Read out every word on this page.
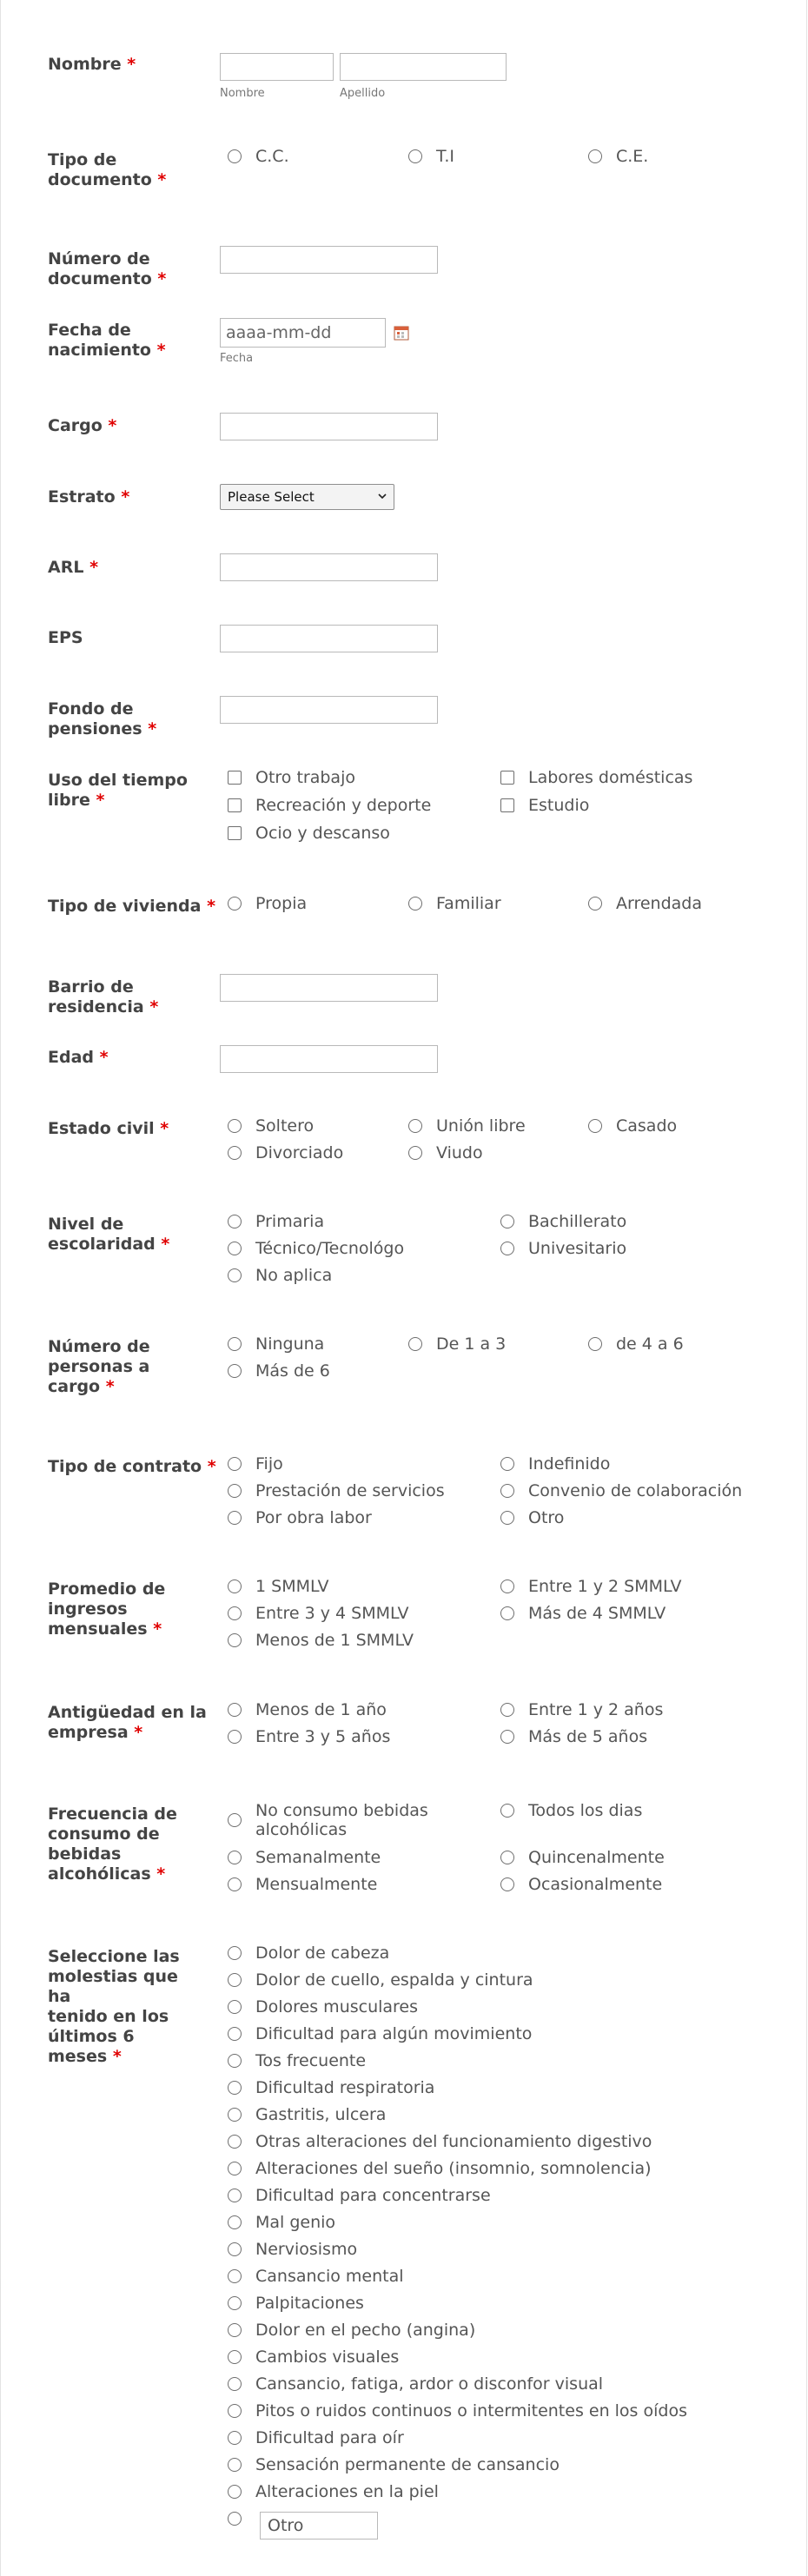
Nombre *
Nombre	Apellido
Tipo de
documento *
C.C.	T.I	C.E.
Número de
documento *
Fecha de
nacimiento *
aaaa-mm-dd
Fecha
Cargo *
Estrato *	Please Select
ARL *
EPS
Fondo de
pensiones *
Uso del tiempo
libre *
Otro trabajo	Labores domésticas
Recreación y deporte	Estudio
Ocio y descanso
Tipo de vivienda *	Propia	Familiar	Arrendada
Barrio de
residencia *
Edad *
Estado civil *	Soltero	Unión libre	Casado
Divorciado	Viudo
Nivel de
escolaridad *
Primaria	Bachillerato
Técnico/Tecnológo	Univesitario
No aplica
Número de
personas a
cargo *
Ninguna	De 1 a 3	de 4 a 6
Más de 6
Tipo de contrato *	Fijo	Indefinido
Prestación de servicios	Convenio de colaboración
Por obra labor	Otro
Promedio de
ingresos
mensuales *
1 SMMLV	Entre 1 y 2 SMMLV
Entre 3 y 4 SMMLV	Más de 4 SMMLV
Menos de 1 SMMLV
Antigüedad en la
empresa *
Menos de 1 año	Entre 1 y 2 años
Entre 3 y 5 años	Más de 5 años
Frecuencia de
consumo de
bebidas
alcohólicas *
No consumo bebidas
alcohólicas
Todos los dias
Semanalmente	Quincenalmente
Mensualmente	Ocasionalmente
Seleccione las
molestias que ha
tenido en los
últimos 6 meses *
Dolor de cabeza
Dolor de cuello, espalda y cintura
Dolores musculares
Dificultad para algún movimiento
Tos frecuente
Dificultad respiratoria
Gastritis, ulcera
Otras alteraciones del funcionamiento digestivo
Alteraciones del sueño (insomnio, somnolencia)
Dificultad para concentrarse
Mal genio
Nerviosismo
Cansancio mental
Palpitaciones
Dolor en el pecho (angina)
Cambios visuales
Cansancio, fatiga, ardor o disconfor visual
Pitos o ruidos continuos o intermitentes en los oídos
Dificultad para oír
Sensación permanente de cansancio
Alteraciones en la piel
Otro
